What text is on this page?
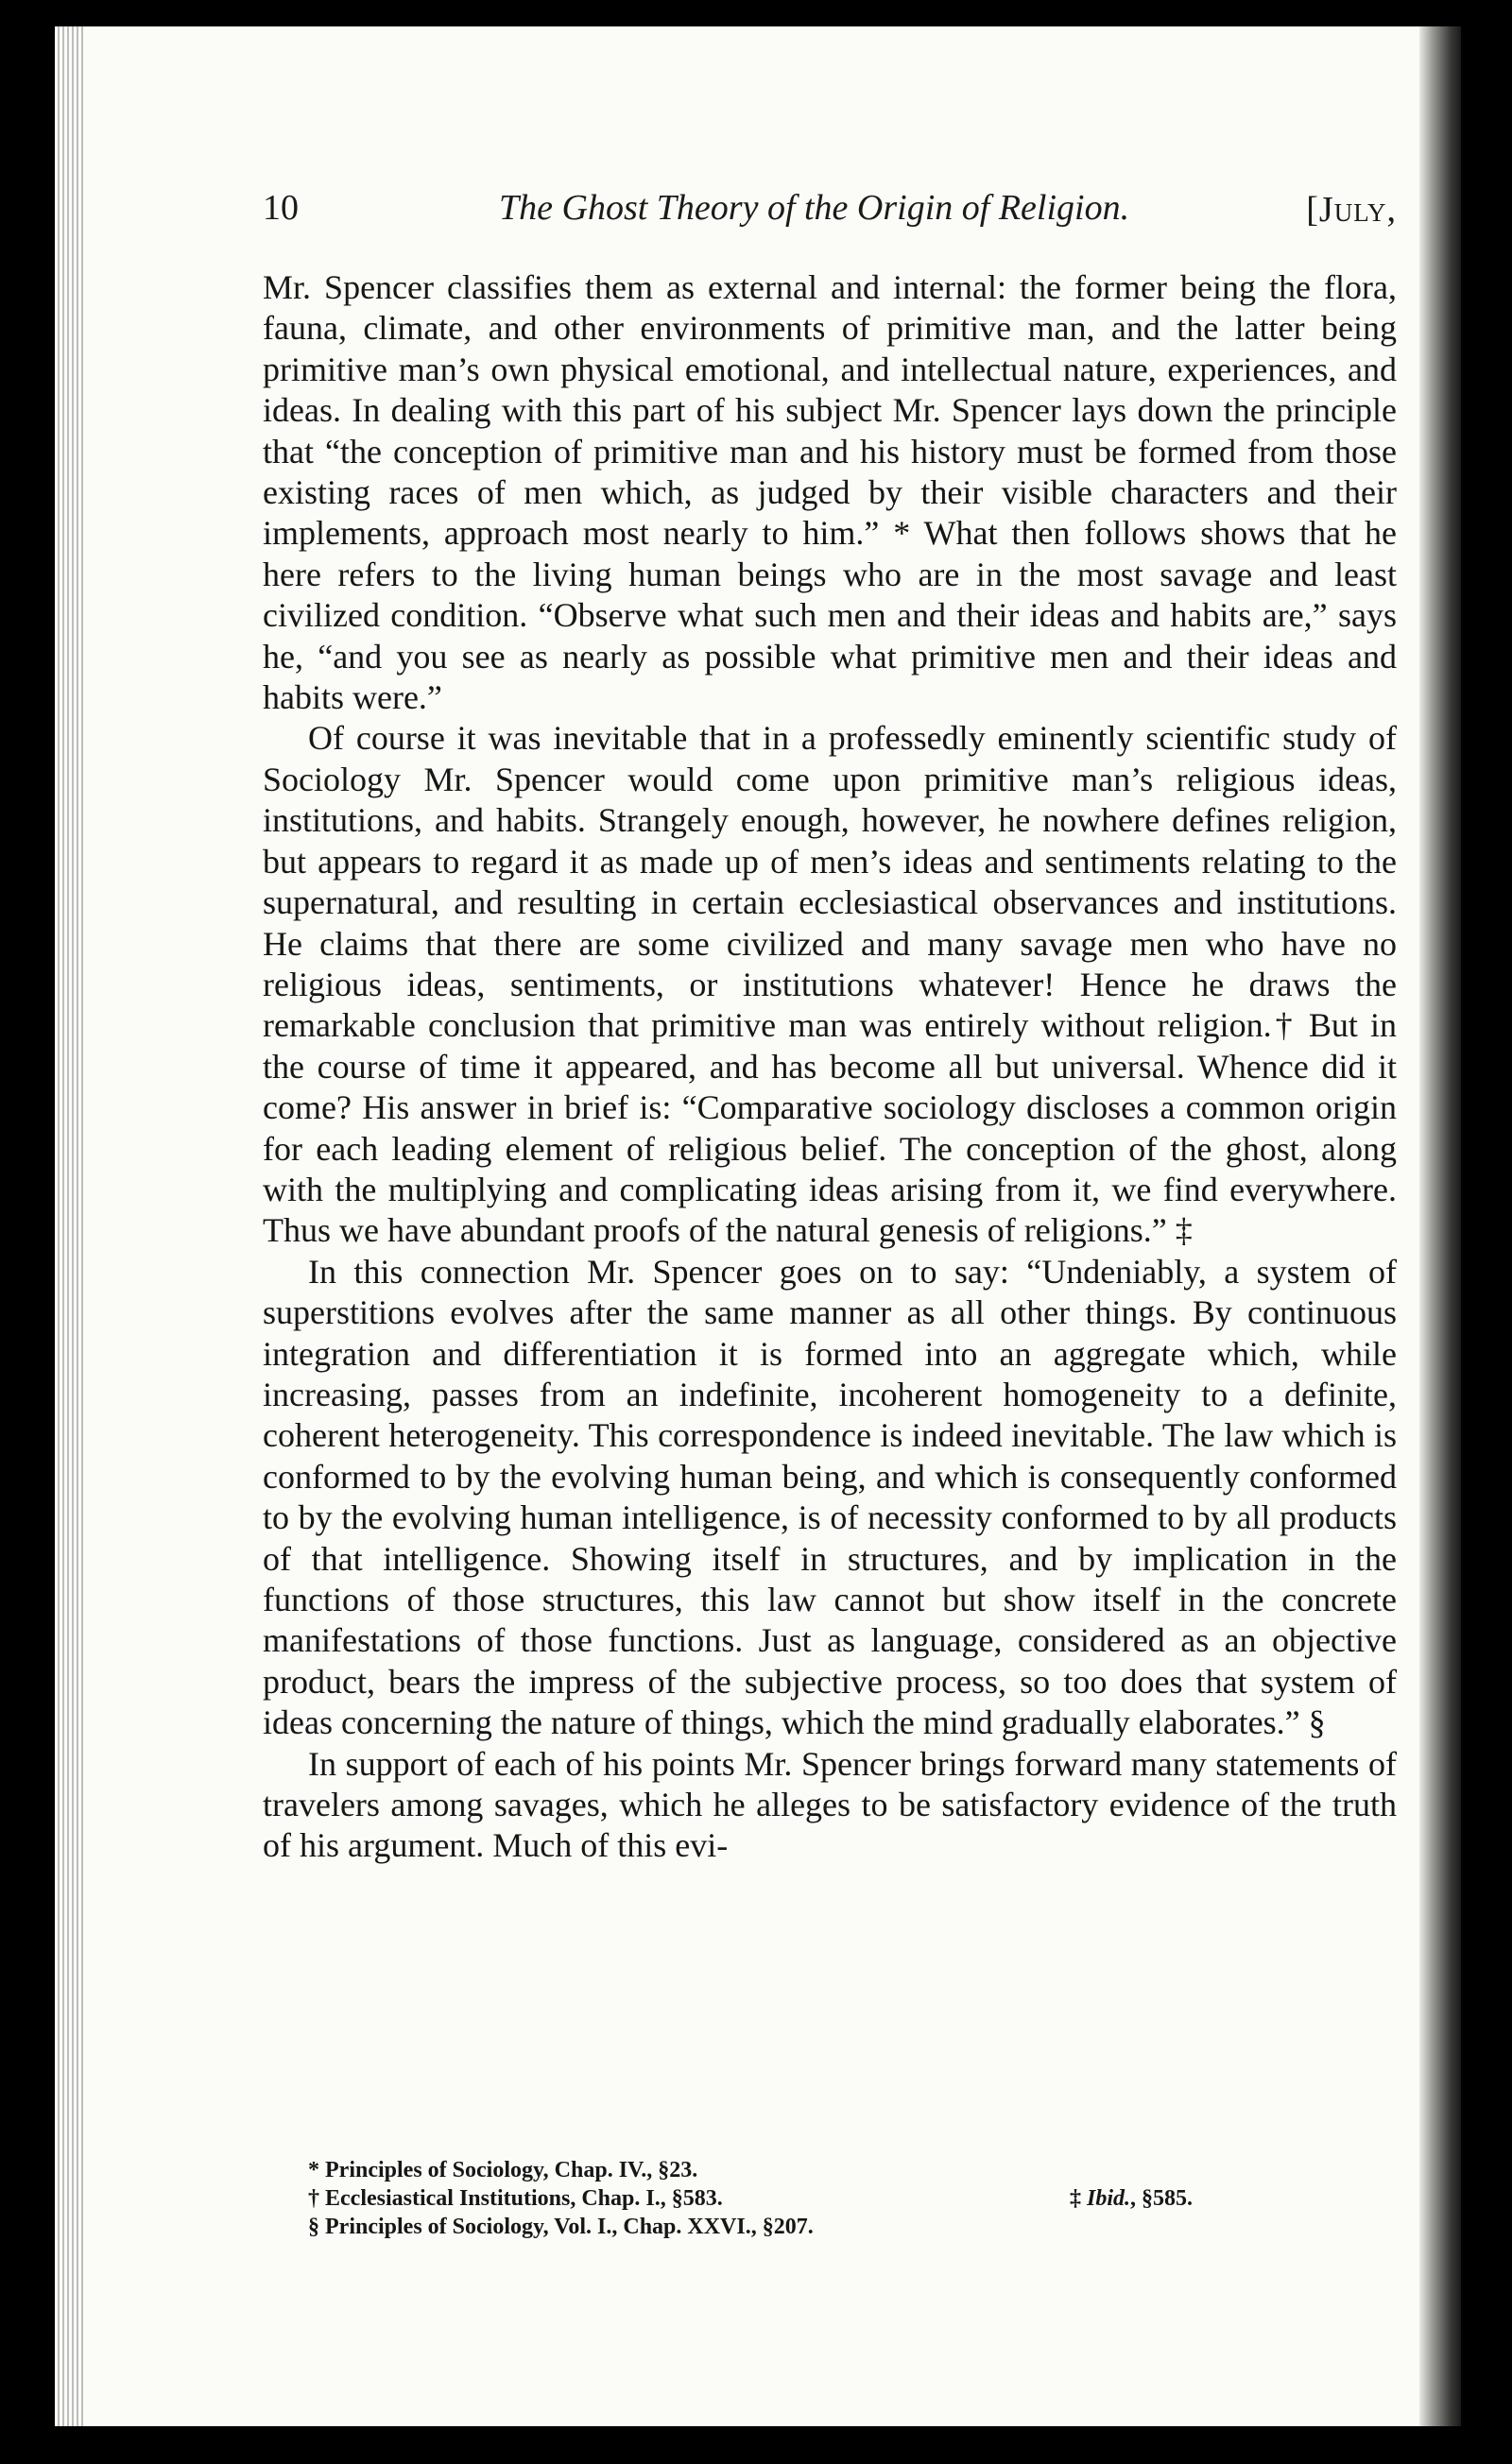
10	The Ghost Theory of the Origin of Religion.	[July,

Mr. Spencer classifies them as external and internal: the former being the flora, fauna, climate, and other environments of primitive man, and the latter being primitive man’s own physical emotional, and intellectual nature, experiences, and ideas. In dealing with this part of his subject Mr. Spencer lays down the principle that “the conception of primitive man and his history must be formed from those existing races of men which, as judged by their visible characters and their implements, approach most nearly to him.” * What then follows shows that he here refers to the living human beings who are in the most savage and least civilized condition. “Observe what such men and their ideas and habits are,” says he, “and you see as nearly as possible what primitive men and their ideas and habits were.”

Of course it was inevitable that in a professedly eminently scientific study of Sociology Mr. Spencer would come upon primitive man’s religious ideas, institutions, and habits. Strangely enough, however, he nowhere defines religion, but appears to regard it as made up of men’s ideas and sentiments relating to the supernatural, and resulting in certain ecclesiastical observances and institutions. He claims that there are some civilized and many savage men who have no religious ideas, sentiments, or institutions whatever! Hence he draws the remarkable conclusion that primitive man was entirely without religion.† But in the course of time it appeared, and has become all but universal. Whence did it come? His answer in brief is: “Comparative sociology discloses a common origin for each leading element of religious belief. The conception of the ghost, along with the multiplying and complicating ideas arising from it, we find everywhere. Thus we have abundant proofs of the natural genesis of religions.” ‡

In this connection Mr. Spencer goes on to say: “Undeniably, a system of superstitions evolves after the same manner as all other things. By continuous integration and differentiation it is formed into an aggregate which, while increasing, passes from an indefinite, incoherent homogeneity to a definite, coherent heterogeneity. This correspondence is indeed inevitable. The law which is conformed to by the evolving human being, and which is consequently conformed to by the evolving human intelligence, is of necessity conformed to by all products of that intelligence. Showing itself in structures, and by implication in the functions of those structures, this law cannot but show itself in the concrete manifestations of those functions. Just as language, considered as an objective product, bears the impress of the subjective process, so too does that system of ideas concerning the nature of things, which the mind gradually elaborates.” §

In support of each of his points Mr. Spencer brings forward many statements of travelers among savages, which he alleges to be satisfactory evidence of the truth of his argument. Much of this evi-

* Principles of Sociology, Chap. IV., §23.
† Ecclesiastical Institutions, Chap. I., §583.	‡ Ibid., §585.
§ Principles of Sociology, Vol. I., Chap. XXVI., §207.
